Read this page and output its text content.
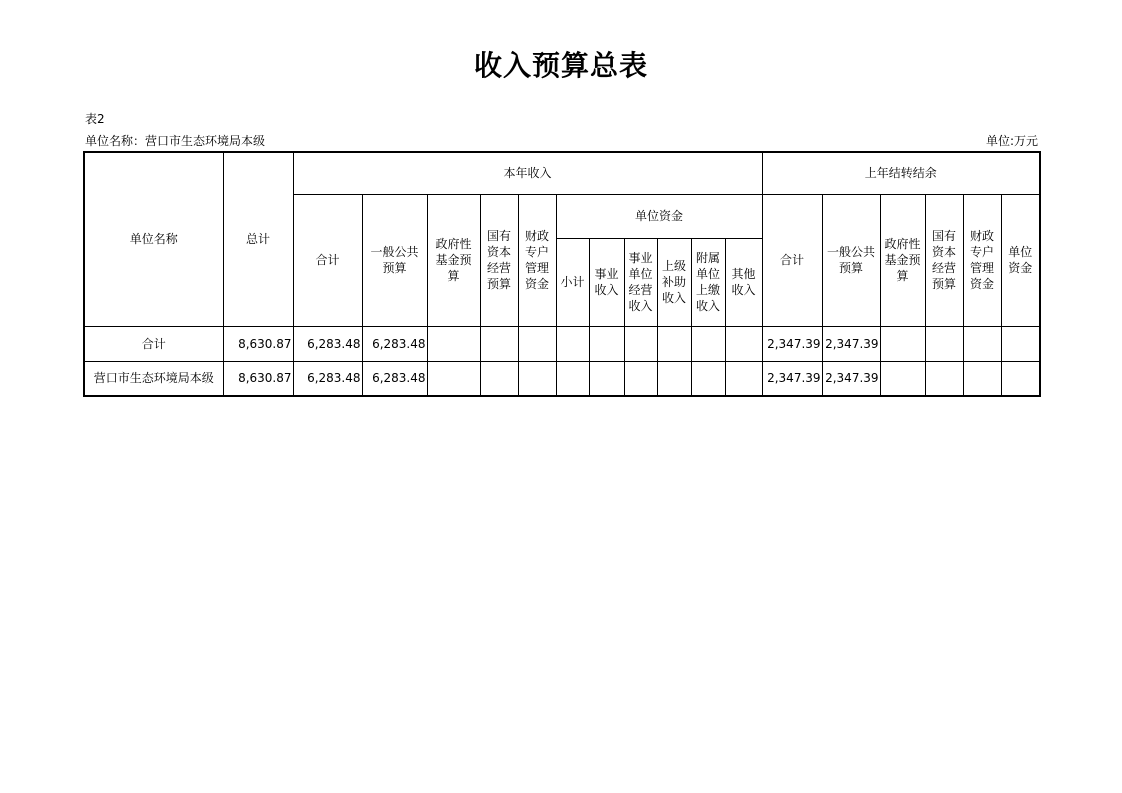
收入预算总表
表2
单位名称：营口市生态环境局本级	单位:万元
单位名称	总计	本年收入											上年结转结余					
		合计	一般公共预算	政府性基金预算	国有资本经营预算	财政专户管理资金	单位资金						合计	一般公共预算	政府性基金预算	国有资本经营预算	财政专户管理资金	单位资金
							小计	事业收入	事业单位经营收入	上级补助收入	附属单位上缴收入	其他收入						
合计	8,630.87	6,283.48	6,283.48										2,347.39	2,347.39				
营口市生态环境局本级	8,630.87	6,283.48	6,283.48										2,347.39	2,347.39				
